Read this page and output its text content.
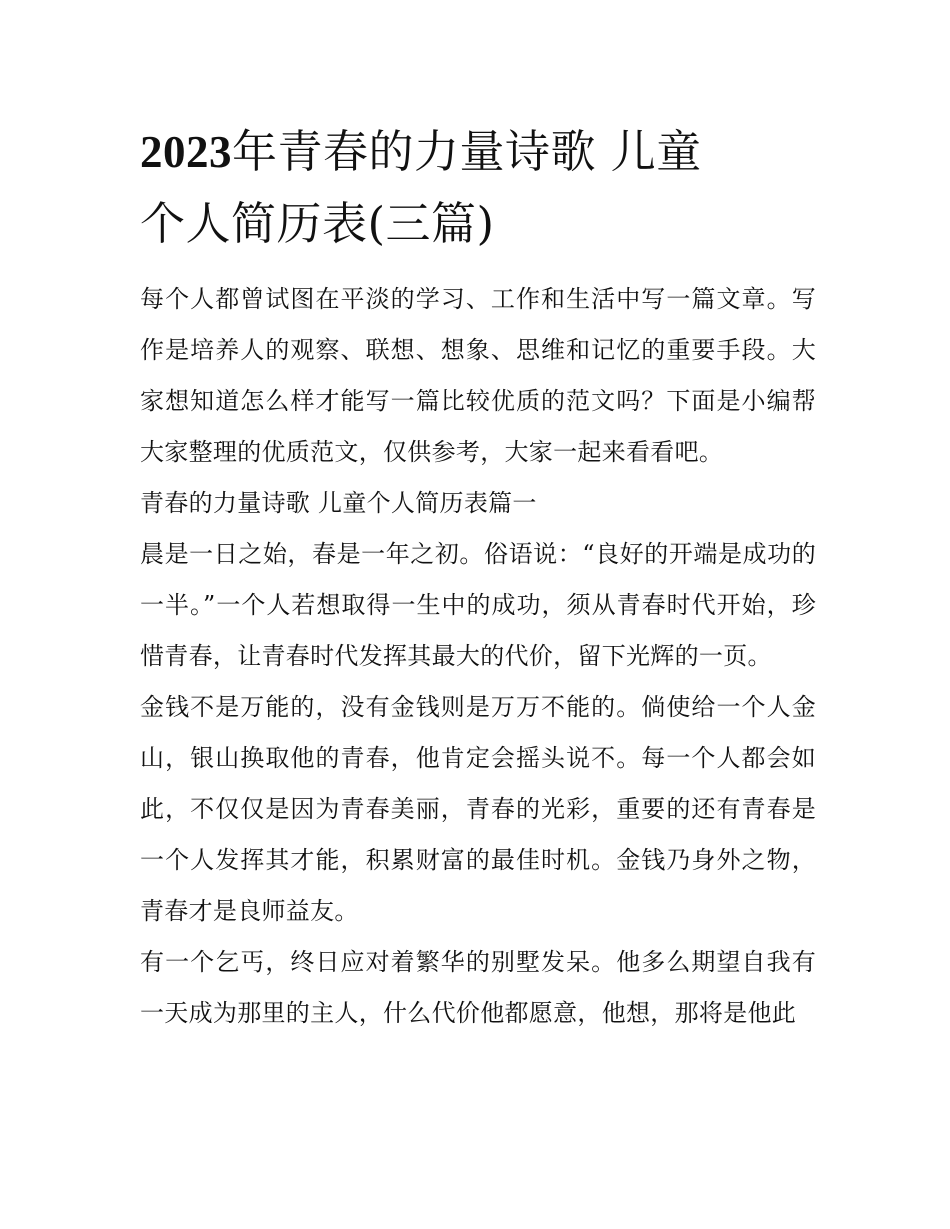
2023年青春的力量诗歌 儿童
个人简历表(三篇)

每个人都曾试图在平淡的学习、工作和生活中写一篇文章。写作是培养人的观察、联想、想象、思维和记忆的重要手段。大家想知道怎么样才能写一篇比较优质的范文吗？下面是小编帮大家整理的优质范文，仅供参考，大家一起来看看吧。

青春的力量诗歌 儿童个人简历表篇一

晨是一日之始，春是一年之初。俗语说：“良好的开端是成功的一半。”一个人若想取得一生中的成功，须从青春时代开始，珍惜青春，让青春时代发挥其最大的代价，留下光辉的一页。

金钱不是万能的，没有金钱则是万万不能的。倘使给一个人金山，银山换取他的青春，他肯定会摇头说不。每一个人都会如此，不仅仅是因为青春美丽，青春的光彩，重要的还有青春是一个人发挥其才能，积累财富的最佳时机。金钱乃身外之物，青春才是良师益友。

有一个乞丐，终日应对着繁华的别墅发呆。他多么期望自我有一天成为那里的主人，什么代价他都愿意，他想，那将是他此
